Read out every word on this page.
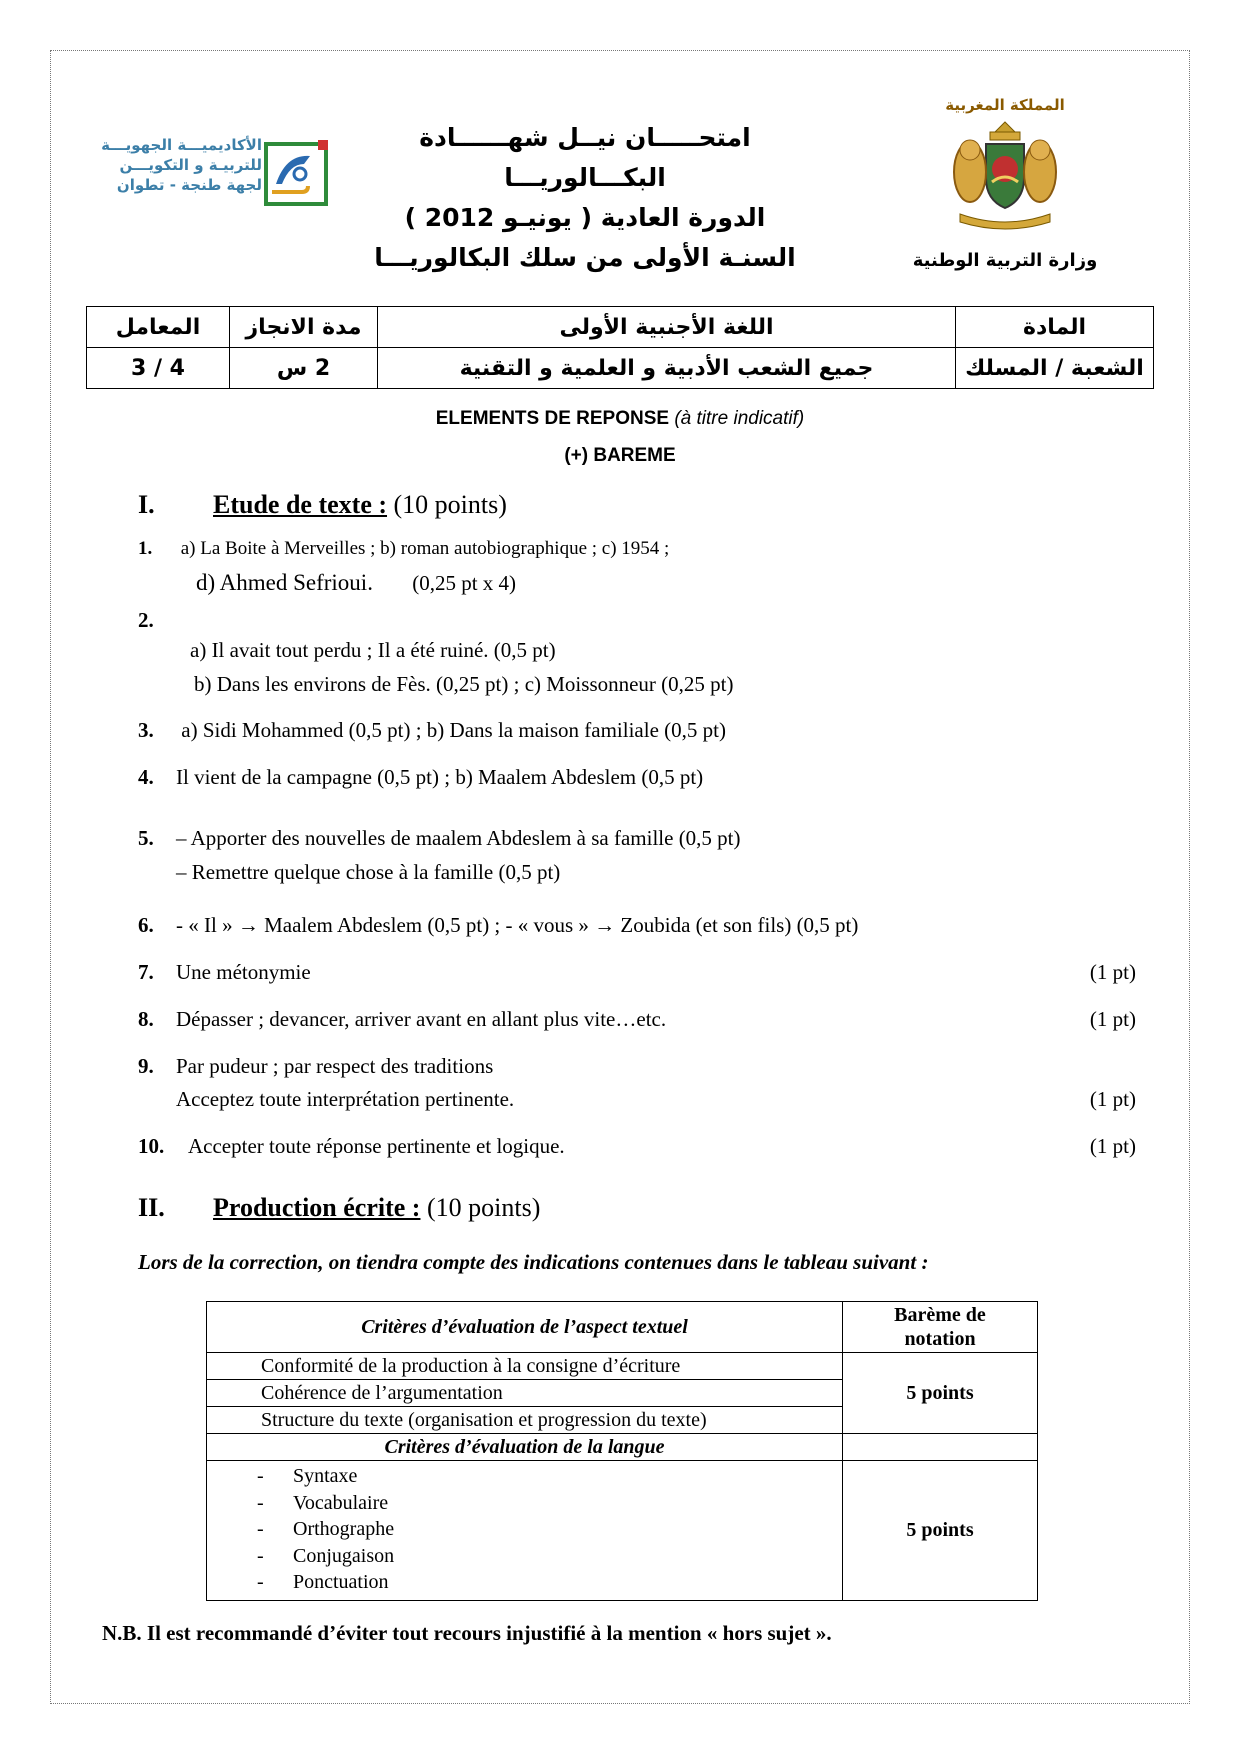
امتحـــــان نيــل شهــــــادة البكـــالوريـــا
الدورة العادية ( يونيـو 2012 )
السنـة الأولى من سلك البكالوريـــا
المملكة المغربية
وزارة التربية الوطنية
الأكاديميـــة الجهويـــة
للتربيـة و التكويـــن
لجهة طنجة - تطوان
المعامل	مدة الانجاز	اللغة الأجنبية الأولى	المادة
4 / 3	2 س	جميع الشعب الأدبية و العلمية و التقنية	الشعبة / المسلك
ELEMENTS DE REPONSE (à titre indicatif)
(+) BAREME
I. Etude de texte : (10 points)
1. a) La Boite à Merveilles ; b) roman autobiographique ; c) 1954 ;
d) Ahmed Sefrioui. (0,25 pt x 4)
2.
a) Il avait tout perdu ; Il a été ruiné. (0,5 pt)
b) Dans les environs de Fès. (0,25 pt) ; c) Moissonneur (0,25 pt)
3. a) Sidi Mohammed (0,5 pt) ; b) Dans la maison familiale (0,5 pt)
4. Il vient de la campagne (0,5 pt) ; b) Maalem Abdeslem (0,5 pt)
5. – Apporter des nouvelles de maalem Abdeslem à sa famille (0,5 pt)
– Remettre quelque chose à la famille (0,5 pt)
6. - « Il » → Maalem Abdeslem (0,5 pt) ; - « vous » → Zoubida (et son fils) (0,5 pt)
7. Une métonymie	(1 pt)
8. Dépasser ; devancer, arriver avant en allant plus vite…etc.	(1 pt)
9. Par pudeur ; par respect des traditions
Acceptez toute interprétation pertinente.	(1 pt)
10. Accepter toute réponse pertinente et logique.	(1 pt)
II. Production écrite : (10 points)
Lors de la correction, on tiendra compte des indications contenues dans le tableau suivant :
Critères d’évaluation de l’aspect textuel	Barème de
notation

Conformité de la production à la consigne d’écriture	5 points
Cohérence de l’argumentation	
Structure du texte (organisation et progression du texte)	
Critères d’évaluation de la langue	

- Syntaxe
- Vocabulaire
- Orthographe
- Conjugaison
- Ponctuation	5 points
N.B. Il est recommandé d’éviter tout recours injustifié à la mention « hors sujet ».
